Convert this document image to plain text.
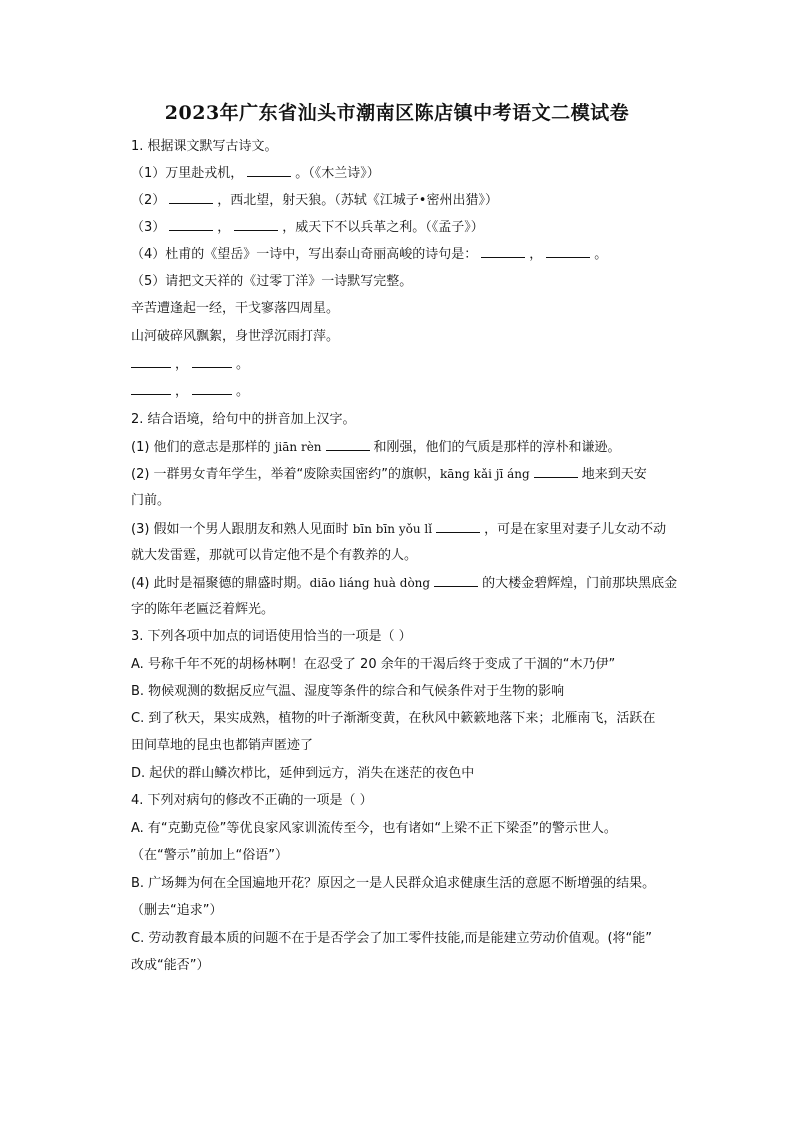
2023年广东省汕头市潮南区陈店镇中考语文二模试卷
1. 根据课文默写古诗文。
（1）万里赴戎机，	。（《木兰诗》）
（2）	，西北望，射天狼。（苏轼《江城子•密州出猎》）
（3）	，	，威天下不以兵革之利。（《孟子》）
（4）杜甫的《望岳》一诗中，写出泰山奇丽高峻的诗句是：	，	。
（5）请把文天祥的《过零丁洋》一诗默写完整。
辛苦遭逢起一经，干戈寥落四周星。
山河破碎风飘絮，身世浮沉雨打萍。
，	。
，	。
2. 结合语境，给句中的拼音加上汉字。
(1) 他们的意志是那样的 jiān rèn	和刚强，他们的气质是那样的淳朴和谦逊。
(2) 一群男女青年学生，举着“废除卖国密约”的旗帜，kāng kǎi jī áng	地来到天安
门前。
(3) 假如一个男人跟朋友和熟人见面时 bīn bīn yǒu lǐ	，可是在家里对妻子儿女动不动
就大发雷霆，那就可以肯定他不是个有教养的人。
(4) 此时是福聚德的鼎盛时期。diāo liáng huà dòng	的大楼金碧辉煌，门前那块黑底金
字的陈年老匾泛着辉光。
3. 下列各项中加点的词语使用恰当的一项是（ ）
A. 号称千年不死的胡杨林啊！在忍受了 20 余年的干渴后终于变成了干涸的“木乃伊”
B. 物候观测的数据反应气温、湿度等条件的综合和气候条件对于生物的影响
C. 到了秋天，果实成熟，植物的叶子渐渐变黄，在秋风中簌簌地落下来；北雁南飞，活跃在
田间草地的昆虫也都销声匿迹了
D. 起伏的群山鳞次栉比，延伸到远方，消失在迷茫的夜色中
4. 下列对病句的修改不正确的一项是（ ）
A. 有“克勤克俭”等优良家风家训流传至今，也有诸如“上梁不正下梁歪”的警示世人。
（在“警示”前加上“俗语”）
B. 广场舞为何在全国遍地开花？原因之一是人民群众追求健康生活的意愿不断增强的结果。
（删去“追求”）
C. 劳动教育最本质的问题不在于是否学会了加工零件技能,而是能建立劳动价值观。(将“能”
改成“能否”）
